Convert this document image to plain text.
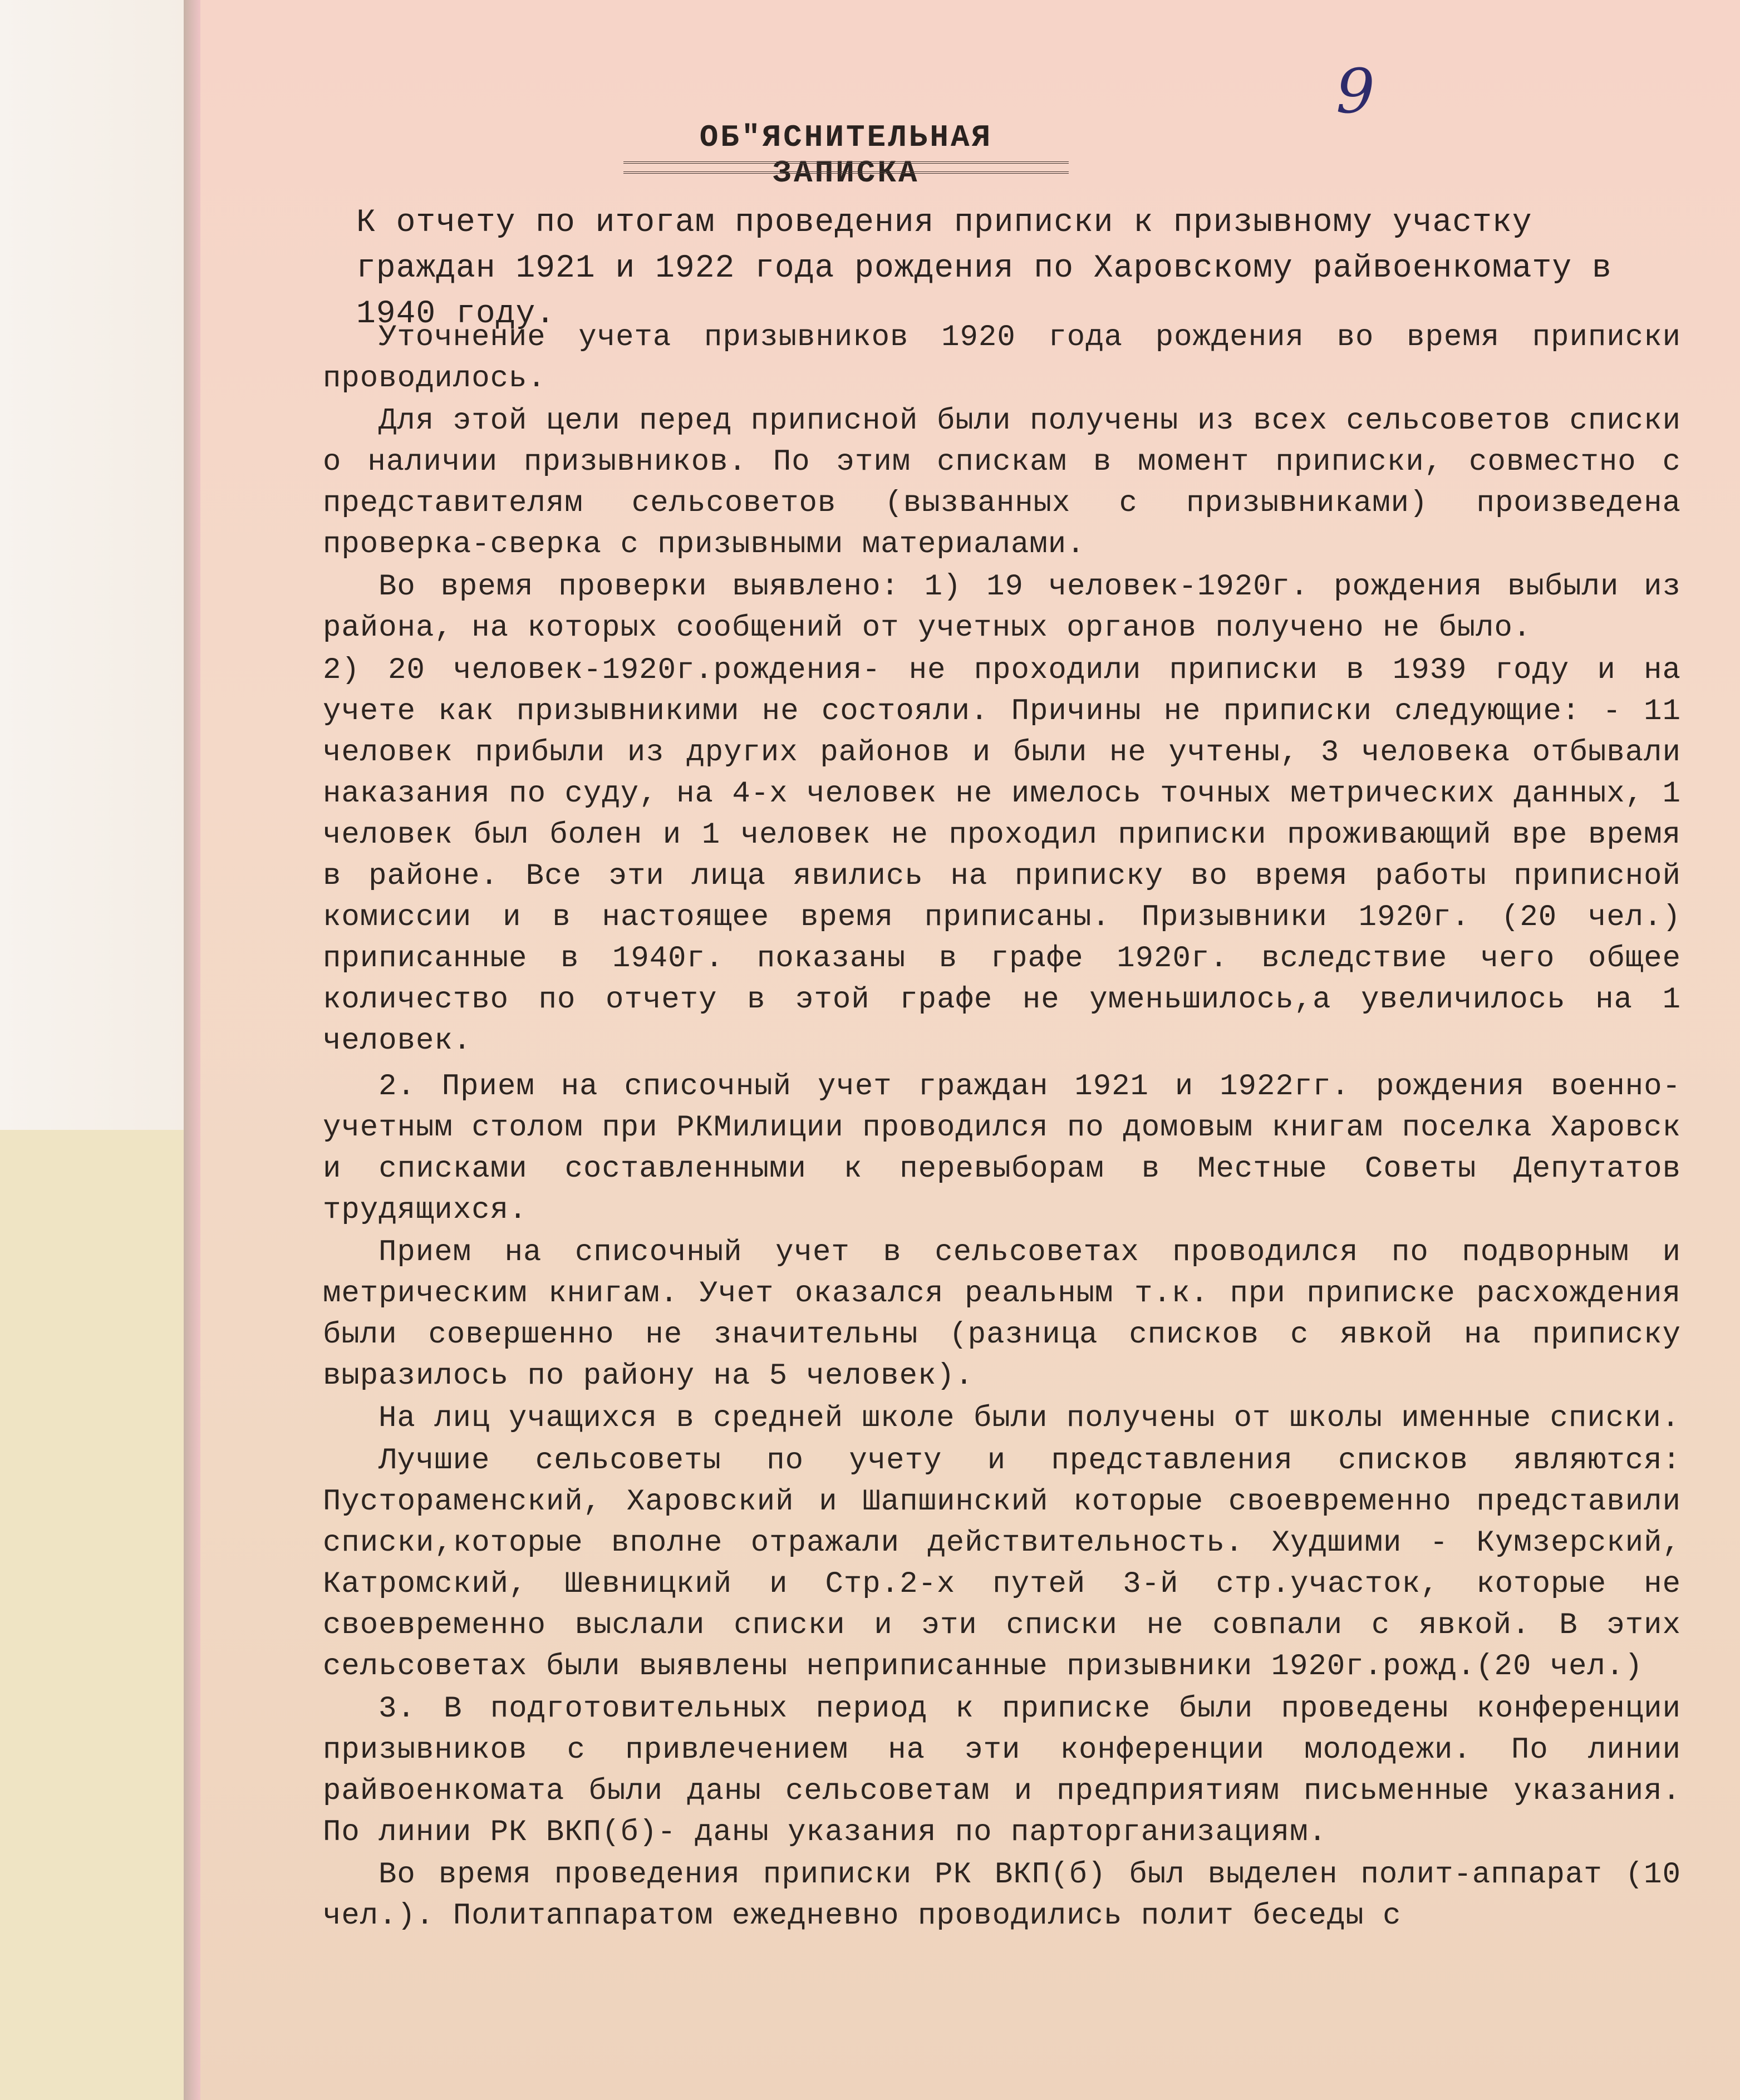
9
ОБ"ЯСНИТЕЛЬНАЯ ЗАПИСКА
К отчету по итогам проведения приписки к призывному участку граждан 1921 и 1922 года рождения по Харовскому райвоенкомату в 1940 году.

Уточнение учета призывников 1920 года рождения во время приписки проводилось.

Для этой цели перед приписной были получены из всех сельсоветов списки о наличии призывников. По этим спискам в момент приписки, совместно с представителям сельсоветов (вызванных с призывниками) произведена проверка-сверка с призывными материалами.

Во время проверки выявлено: 1) 19 человек-1920г. рождения выбыли из района, на которых сообщений от учетных органов получено не было.

2) 20 человек-1920г.рождения- не проходили приписки в 1939 году и на учете как призывникими не состояли. Причины не приписки следующие: - 11 человек прибыли из других районов и были не учтены, 3 человека отбывали наказания по суду, на 4-х человек не имелось точных метрических данных, 1 человек был болен и 1 человек не проходил приписки проживающий вре время в районе. Все эти лица явились на приписку во время работы приписной комиссии и в настоящее время приписаны. Призывники 1920г. (20 чел.) приписанные в 1940г. показаны в графе 1920г. вследствие чего общее количество по отчету в этой графе не уменьшилось,а увеличилось на 1 человек.

2. Прием на списочный учет граждан 1921 и 1922гг. рождения военно-учетным столом при РКМилиции проводился по домовым книгам поселка Харовск и списками составленными к перевыборам в Местные Советы Депутатов трудящихся.

Прием на списочный учет в сельсоветах проводился по подворным и метрическим книгам. Учет оказался реальным т.к. при приписке расхождения были совершенно не значительны (разница списков с явкой на приписку выразилось по району на 5 человек).

На лиц учащихся в средней школе были получены от школы именные списки.

Лучшие сельсоветы по учету и представления списков являются: Пустораменский, Харовский и Шапшинский которые своевременно представили списки,которые вполне отражали действительность. Худшими - Кумзерский, Катромский, Шевницкий и Стр.2-х путей 3-й стр.участок, которые не своевременно выслали списки и эти списки не совпали с явкой. В этих сельсоветах были выявлены неприписанные призывники 1920г.рожд.(20 чел.)

3. В подготовительных период к приписке были проведены конференции призывников с привлечением на эти конференции молодежи. По линии райвоенкомата были даны сельсоветам и предприятиям письменные указания. По линии РК ВКП(б)- даны указания по парторганизациям.

Во время проведения приписки РК ВКП(б) был выделен полит-аппарат (10 чел.). Политаппаратом ежедневно проводились полит беседы с
